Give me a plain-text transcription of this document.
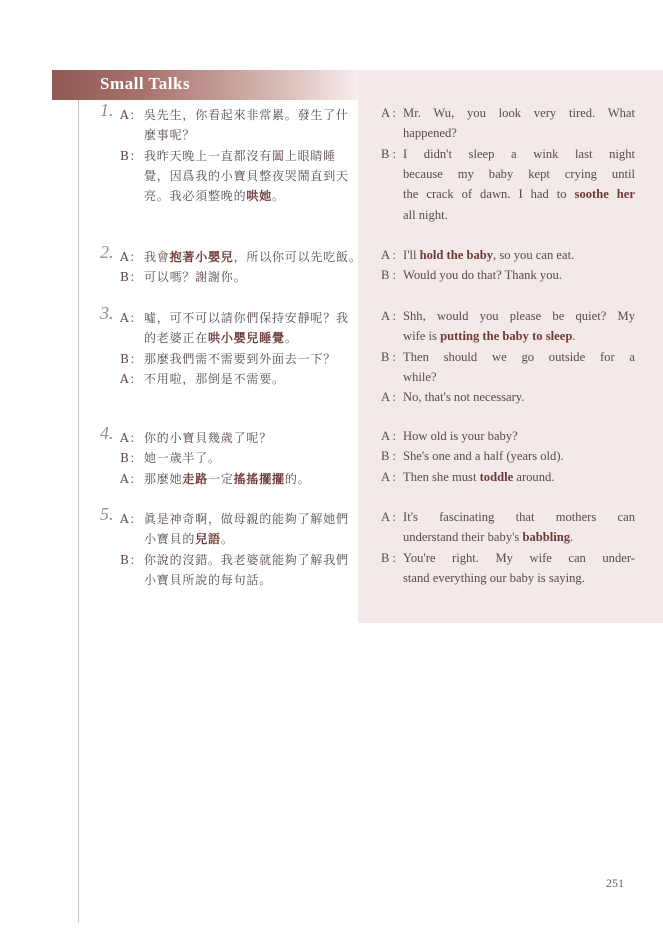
Small Talks
1. A： 吳先生，你看起來非常累。發生了什
麼事呢？
B： 我昨天晚上一直都沒有闔上眼睛睡
覺，因爲我的小寶貝整夜哭鬧直到天
亮。我必須整晚的哄她。
A : Mr. Wu, you look very tired. What
happened?
B : I didn't sleep a wink last night
because my baby kept crying until
the crack of dawn. I had to soothe her
all night.
2. A： 我會抱著小嬰兒，所以你可以先吃飯。
B： 可以嗎？謝謝你。
A : I'll hold the baby, so you can eat.
B : Would you do that? Thank you.
3. A： 噓，可不可以請你們保持安靜呢？我
的老婆正在哄小嬰兒睡覺。
B： 那麼我們需不需要到外面去一下？
A： 不用啦，那倒是不需要。
A : Shh, would you please be quiet? My
wife is putting the baby to sleep.
B : Then should we go outside for a
while?
A : No, that's not necessary.
4. A： 你的小寶貝幾歲了呢？
B： 她一歲半了。
A： 那麼她走路一定搖搖擺擺的。
A : How old is your baby?
B : She's one and a half (years old).
A : Then she must toddle around.
5. A： 眞是神奇啊，做母親的能夠了解她們
小寶貝的兒語。
B： 你說的沒錯。我老婆就能夠了解我們
小寶貝所說的每句話。
A : It's fascinating that mothers can
understand their baby's babbling.
B : You're right. My wife can under-
stand everything our baby is saying.
251
